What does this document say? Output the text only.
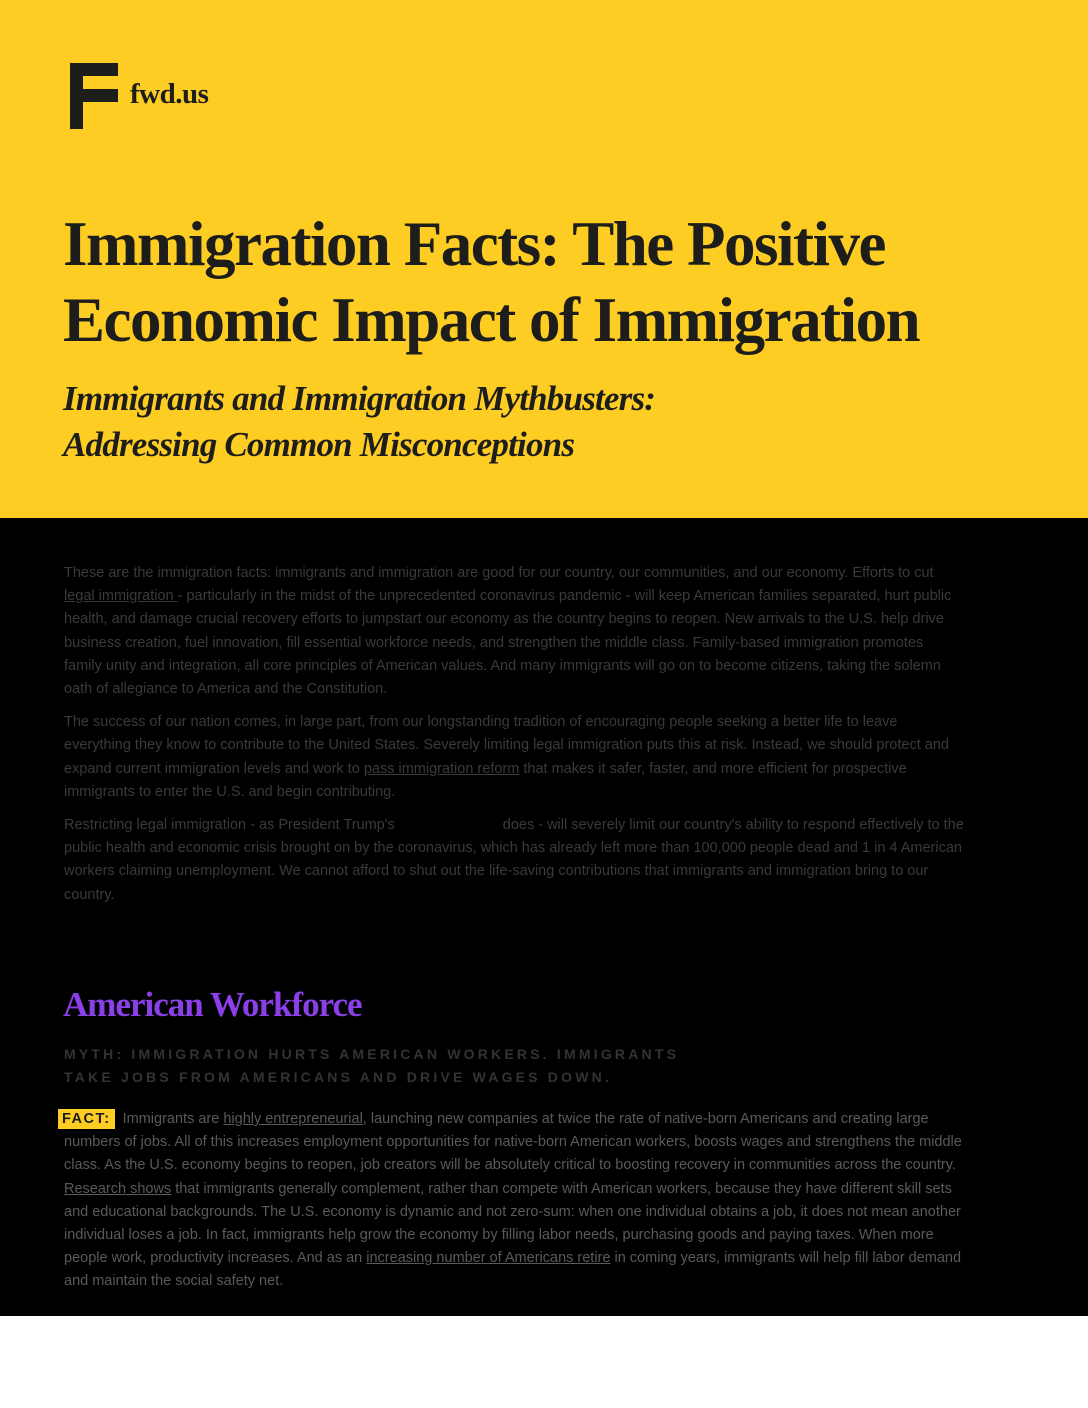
fwd.us
Immigration Facts: The Positive
Economic Impact of Immigration
Immigrants and Immigration Mythbusters:
Addressing Common Misconceptions

These are the immigration facts: immigrants and immigration are good for our country, our communities, and our economy. Efforts to cut legal immigration - particularly in the midst of the unprecedented coronavirus pandemic - will keep American families separated, hurt public health, and damage crucial recovery efforts to jumpstart our economy as the country begins to reopen. New arrivals to the U.S. help drive business creation, fuel innovation, fill essential workforce needs, and strengthen the middle class. Family-based immigration promotes family unity and integration, all core principles of American values. And many immigrants will go on to become citizens, taking the solemn oath of allegiance to America and the Constitution.

The success of our nation comes, in large part, from our longstanding tradition of encouraging people seeking a better life to leave everything they know to contribute to the United States. Severely limiting legal immigration puts this at risk. Instead, we should protect and expand current immigration levels and work to pass immigration reform that makes it safer, faster, and more efficient for prospective immigrants to enter the U.S. and begin contributing.

Restricting legal immigration - as President Trump's	does - will severely limit our country's ability to respond effectively to the public health and economic crisis brought on by the coronavirus, which has already left more than 100,000 people dead and 1 in 4 American workers claiming unemployment. We cannot afford to shut out the life-saving contributions that immigrants and immigration bring to our country.

American Workforce
MYTH: IMMIGRATION HURTS AMERICAN WORKERS. IMMIGRANTS
TAKE JOBS FROM AMERICANS AND DRIVE WAGES DOWN.

FACT: Immigrants are highly entrepreneurial, launching new companies at twice the rate of native-born Americans and creating large numbers of jobs. All of this increases employment opportunities for native-born American workers, boosts wages and strengthens the middle class. As the U.S. economy begins to reopen, job creators will be absolutely critical to boosting recovery in communities across the country. Research shows that immigrants generally complement, rather than compete with American workers, because they have different skill sets and educational backgrounds. The U.S. economy is dynamic and not zero-sum: when one individual obtains a job, it does not mean another individual loses a job. In fact, immigrants help grow the economy by filling labor needs, purchasing goods and paying taxes. When more people work, productivity increases. And as an increasing number of Americans retire in coming years, immigrants will help fill labor demand and maintain the social safety net.
